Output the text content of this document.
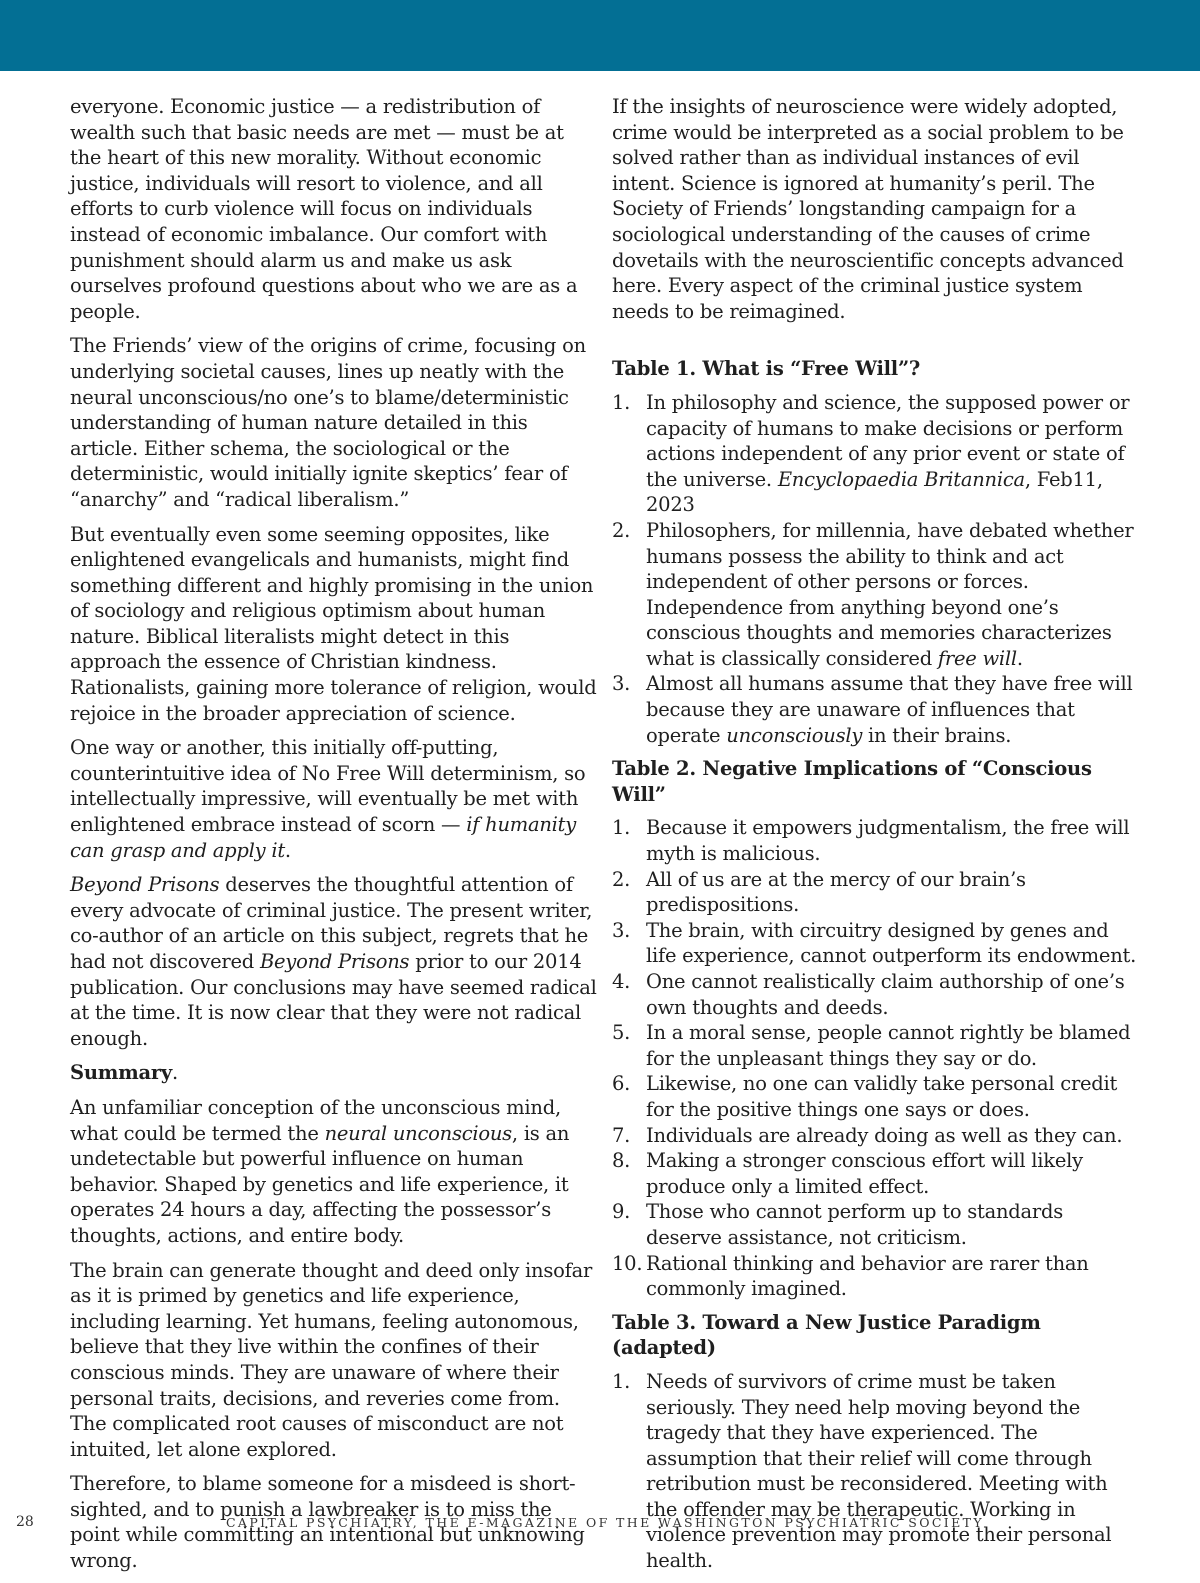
everyone. Economic justice — a redistribution of wealth such that basic needs are met — must be at the heart of this new morality. Without economic justice, individuals will resort to violence, and all efforts to curb violence will focus on individuals instead of economic imbalance. Our comfort with punishment should alarm us and make us ask ourselves profound questions about who we are as a people.

The Friends’ view of the origins of crime, focusing on underlying societal causes, lines up neatly with the neural unconscious/no one’s to blame/deterministic understanding of human nature detailed in this article. Either schema, the sociological or the deterministic, would initially ignite skeptics’ fear of “anarchy” and “radical liberalism.”

But eventually even some seeming opposites, like enlightened evangelicals and humanists, might find something different and highly promising in the union of sociology and religious optimism about human nature. Biblical literalists might detect in this approach the essence of Christian kindness. Rationalists, gaining more tolerance of religion, would rejoice in the broader appreciation of science.

One way or another, this initially off-putting, counterintuitive idea of No Free Will determinism, so intellectually impressive, will eventually be met with enlightened embrace instead of scorn — if humanity can grasp and apply it.

Beyond Prisons deserves the thoughtful attention of every advocate of criminal justice. The present writer, co-author of an article on this subject, regrets that he had not discovered Beyond Prisons prior to our 2014 publication. Our conclusions may have seemed radical at the time. It is now clear that they were not radical enough.

Summary.

An unfamiliar conception of the unconscious mind, what could be termed the neural unconscious, is an undetectable but powerful influence on human behavior. Shaped by genetics and life experience, it operates 24 hours a day, affecting the possessor’s thoughts, actions, and entire body.

The brain can generate thought and deed only insofar as it is primed by genetics and life experience, including learning. Yet humans, feeling autonomous, believe that they live within the confines of their conscious minds. They are unaware of where their personal traits, decisions, and reveries come from. The complicated root causes of misconduct are not intuited, let alone explored.

Therefore, to blame someone for a misdeed is short-sighted, and to punish a lawbreaker is to miss the point while committing an intentional but unknowing wrong.

If the insights of neuroscience were widely adopted, crime would be interpreted as a social problem to be solved rather than as individual instances of evil intent. Science is ignored at humanity’s peril. The Society of Friends’ longstanding campaign for a sociological understanding of the causes of crime dovetails with the neuroscientific concepts advanced here. Every aspect of the criminal justice system needs to be reimagined.

Table 1. What is “Free Will”?
1. In philosophy and science, the supposed power or capacity of humans to make decisions or perform actions independent of any prior event or state of the universe. Encyclopaedia Britannica, Feb11, 2023
2. Philosophers, for millennia, have debated whether humans possess the ability to think and act independent of other persons or forces. Independence from anything beyond one’s conscious thoughts and memories characterizes what is classically considered free will.
3. Almost all humans assume that they have free will because they are unaware of influences that operate unconsciously in their brains.
Table 2. Negative Implications of “Conscious Will”
1. Because it empowers judgmentalism, the free will myth is malicious.
2. All of us are at the mercy of our brain’s predispositions.
3. The brain, with circuitry designed by genes and life experience, cannot outperform its endowment.
4. One cannot realistically claim authorship of one’s own thoughts and deeds.
5. In a moral sense, people cannot rightly be blamed for the unpleasant things they say or do.
6. Likewise, no one can validly take personal credit for the positive things one says or does.
7. Individuals are already doing as well as they can.
8. Making a stronger conscious effort will likely produce only a limited effect.
9. Those who cannot perform up to standards deserve assistance, not criticism.
10. Rational thinking and behavior are rarer than commonly imagined.
Table 3. Toward a New Justice Paradigm (adapted)
1. Needs of survivors of crime must be taken seriously. They need help moving beyond the tragedy that they have experienced. The assumption that their relief will come through retribution must be reconsidered. Meeting with the offender may be therapeutic. Working in violence prevention may promote their personal health.
28	CAPITAL PSYCHIATRY, THE E-MAGAZINE OF THE WASHINGTON PSYCHIATRIC SOCIETY
